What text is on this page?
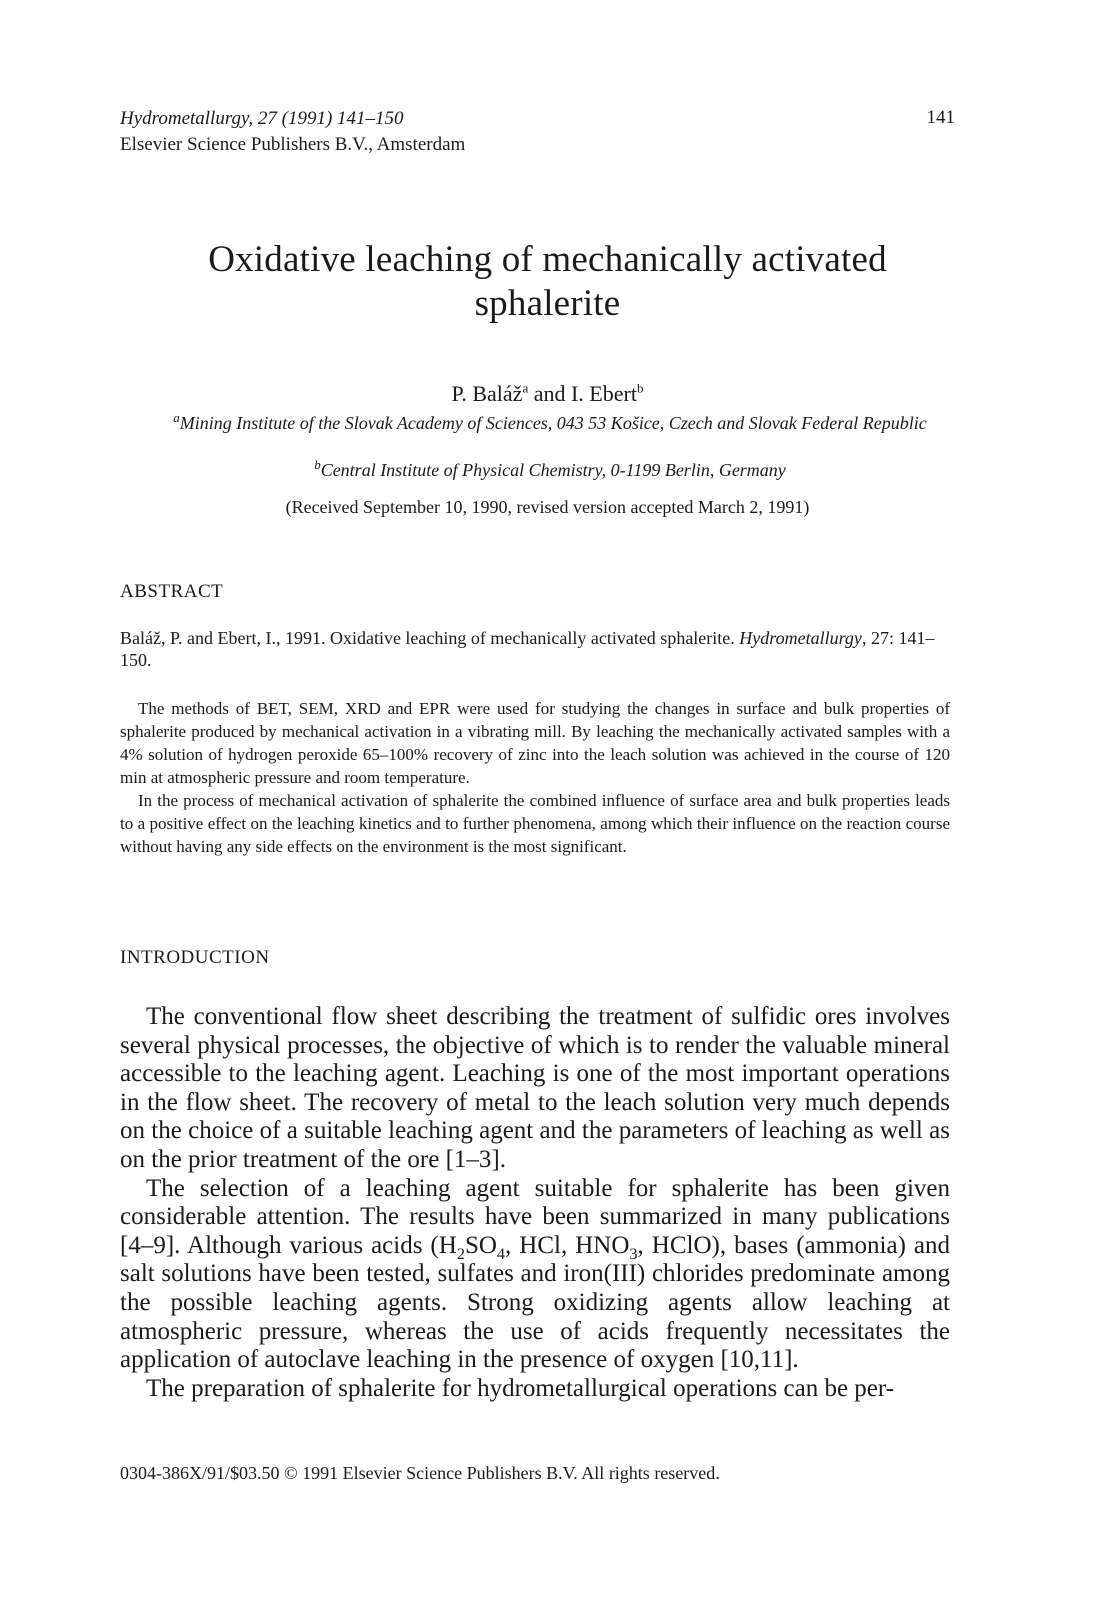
Hydrometallurgy, 27 (1991) 141–150
Elsevier Science Publishers B.V., Amsterdam
141
Oxidative leaching of mechanically activated
sphalerite
P. Baláž$^a$ and I. Ebert$^b$
$^a$Mining Institute of the Slovak Academy of Sciences, 043 53 Košice, Czech and Slovak Federal Republic
$^b$Central Institute of Physical Chemistry, 0-1199 Berlin, Germany
(Received September 10, 1990, revised version accepted March 2, 1991)
ABSTRACT
Baláž, P. and Ebert, I., 1991. Oxidative leaching of mechanically activated sphalerite. Hydrometallurgy, 27: 141–150.

The methods of BET, SEM, XRD and EPR were used for studying the changes in surface and bulk properties of sphalerite produced by mechanical activation in a vibrating mill. By leaching the mechanically activated samples with a 4% solution of hydrogen peroxide 65–100% recovery of zinc into the leach solution was achieved in the course of 120 min at atmospheric pressure and room temperature.

In the process of mechanical activation of sphalerite the combined influence of surface area and bulk properties leads to a positive effect on the leaching kinetics and to further phenomena, among which their influence on the reaction course without having any side effects on the environment is the most significant.

INTRODUCTION

The conventional flow sheet describing the treatment of sulfidic ores involves several physical processes, the objective of which is to render the valuable mineral accessible to the leaching agent. Leaching is one of the most important operations in the flow sheet. The recovery of metal to the leach solution very much depends on the choice of a suitable leaching agent and the parameters of leaching as well as on the prior treatment of the ore [1–3].

The selection of a leaching agent suitable for sphalerite has been given considerable attention. The results have been summarized in many publications [4–9]. Although various acids ($H_2SO_4$, HCl, $HNO_3$, HClO), bases (ammonia) and salt solutions have been tested, sulfates and iron(III) chlorides predominate among the possible leaching agents. Strong oxidizing agents allow leaching at atmospheric pressure, whereas the use of acids frequently necessitates the application of autoclave leaching in the presence of oxygen [10,11].

The preparation of sphalerite for hydrometallurgical operations can be per-

0304-386X/91/$03.50 © 1991 Elsevier Science Publishers B.V. All rights reserved.
